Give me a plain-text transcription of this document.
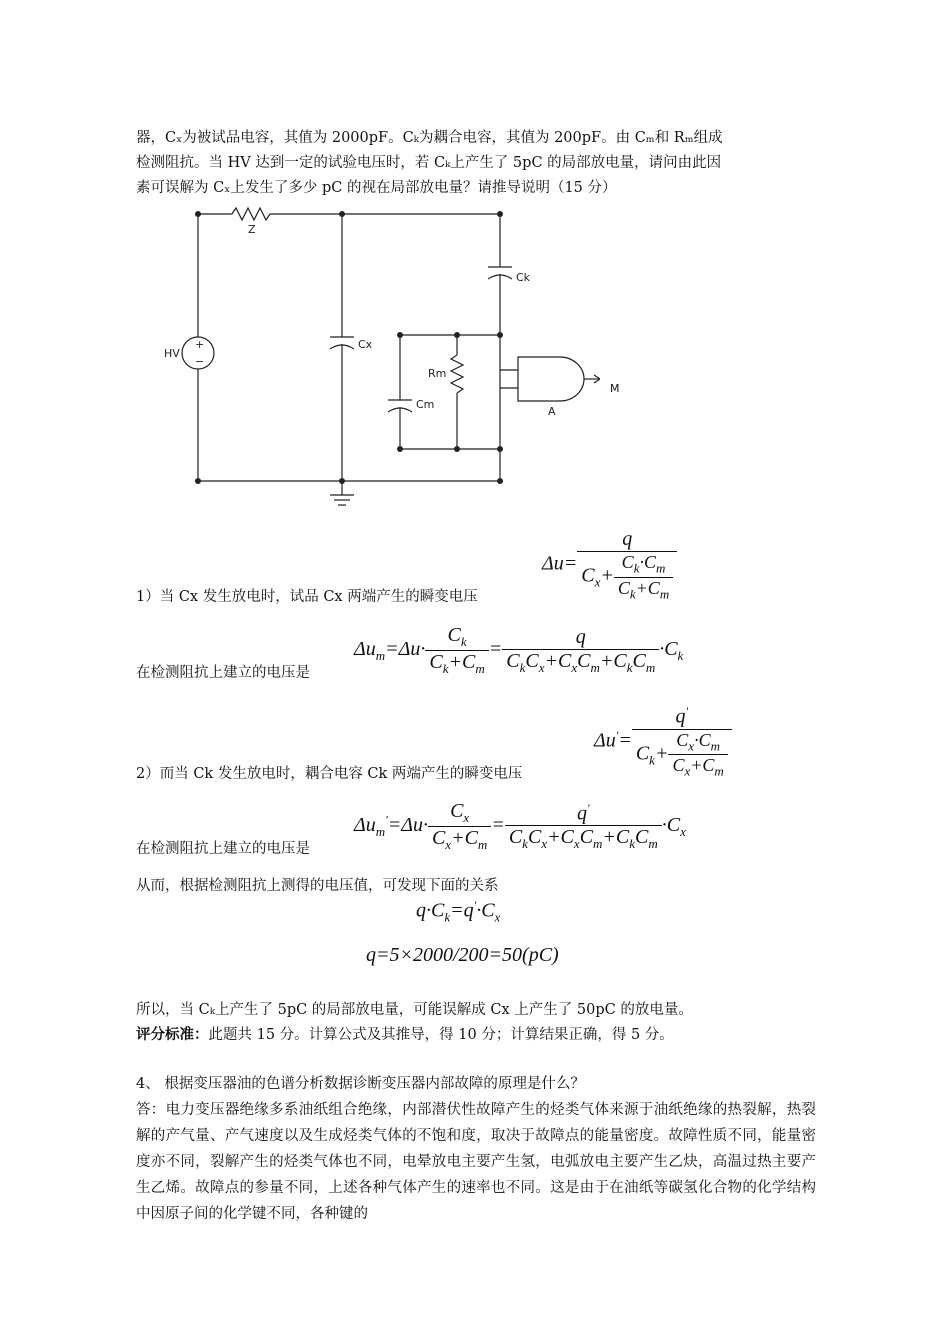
器，Cₓ为被试品电容，其值为 2000pF。Cₖ为耦合电容，其值为 200pF。由 Cₘ和 Rₘ组成
检测阻抗。当 HV 达到一定的试验电压时，若 Cₖ上产生了 5pC 的局部放电量，请问由此因
素可误解为 Cₓ上发生了多少 pC 的视在局部放电量？请推导说明（15 分）
Z
HV
+
−
Cx
Ck
Rm
Cm
A
M
$\Delta u= \frac{q}{C_x+ \frac{C_k\cdot C_m}{C_k+C_m}}$
1）当 Cx 发生放电时，试品 Cx 两端产生的瞬变电压
$\Delta u_m=\Delta u\cdot \frac{C_k}{C_k+C_m} = \frac{q}{C_kC_x+C_xC_m+C_kC_m} \cdot C_k$
在检测阻抗上建立的电压是
$\Delta u'= \frac{q'}{C_k+ \frac{C_x\cdot C_m}{C_x+C_m}}$
2）而当 Ck 发生放电时，耦合电容 Ck 两端产生的瞬变电压
$\Delta u_m'=\Delta u\cdot \frac{C_x}{C_x+C_m} = \frac{q'}{C_kC_x+C_xC_m+C_kC_m} \cdot C_x$
在检测阻抗上建立的电压是
从而，根据检测阻抗上测得的电压值，可发现下面的关系
$q\cdot C_k=q'\cdot C_x$
q=5×2000/200=50(pC)
所以，当 Cₖ上产生了 5pC 的局部放电量，可能误解成 Cx 上产生了 50pC 的放电量。
评分标准：此题共 15 分。计算公式及其推导，得 10 分；计算结果正确，得 5 分。
4、 根据变压器油的色谱分析数据诊断变压器内部故障的原理是什么？
答：电力变压器绝缘多系油纸组合绝缘，内部潜伏性故障产生的烃类气体来源于油纸绝缘的热裂解，热裂解的产气量、产气速度以及生成烃类气体的不饱和度，取决于故障点的能量密度。故障性质不同，能量密度亦不同，裂解产生的烃类气体也不同，电晕放电主要产生氢，电弧放电主要产生乙炔，高温过热主要产生乙烯。故障点的参量不同，上述各种气体产生的速率也不同。这是由于在油纸等碳氢化合物的化学结构中因原子间的化学键不同，各种键的
